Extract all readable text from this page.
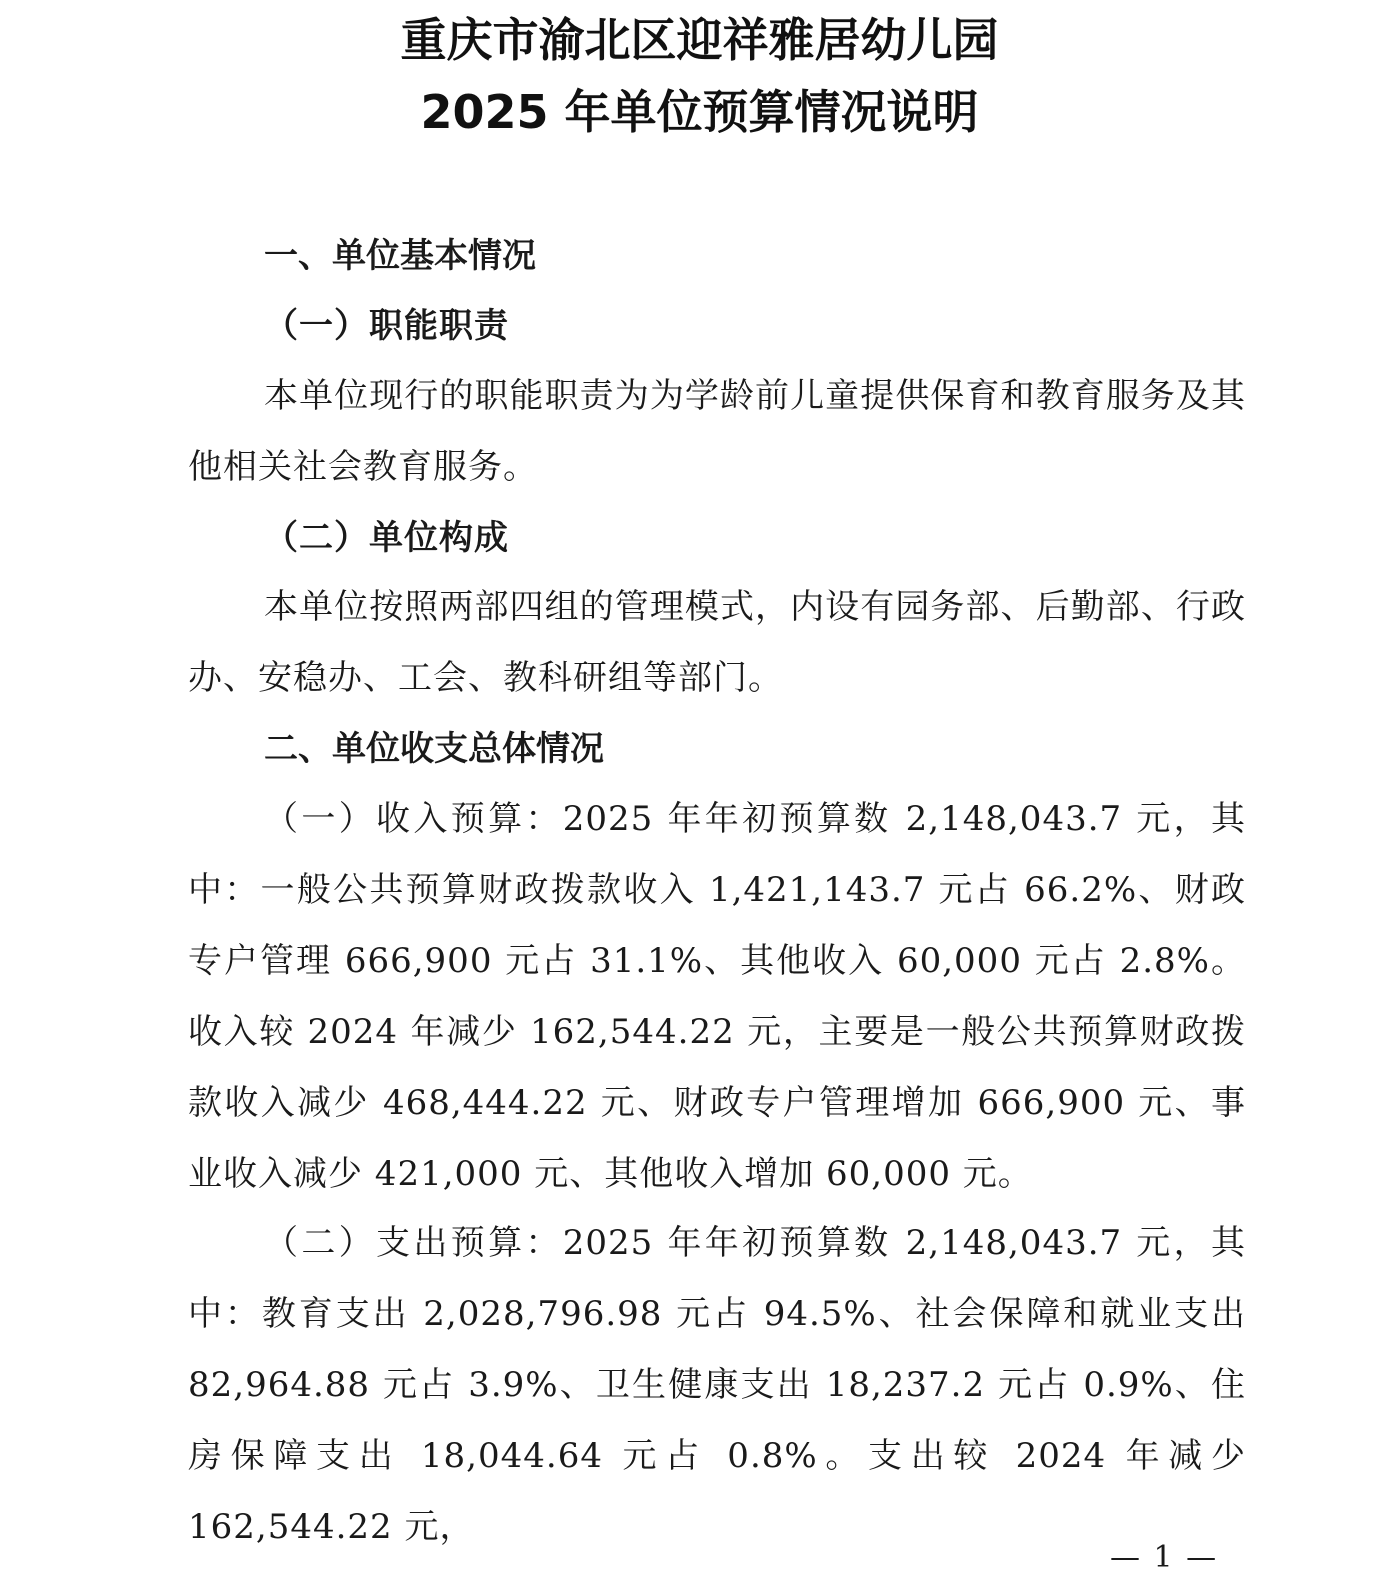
重庆市渝北区迎祥雅居幼儿园
2025 年单位预算情况说明
一、单位基本情况
（一）职能职责

本单位现行的职能职责为为学龄前儿童提供保育和教育服务及其他相关社会教育服务。

（二）单位构成

本单位按照两部四组的管理模式，内设有园务部、后勤部、行政办、安稳办、工会、教科研组等部门。

二、单位收支总体情况

（一）收入预算：2025 年年初预算数 2,148,043.7 元，其中：一般公共预算财政拨款收入 1,421,143.7 元占 66.2%、财政专户管理 666,900 元占 31.1%、其他收入 60,000 元占 2.8%。收入较 2024 年减少 162,544.22 元，主要是一般公共预算财政拨款收入减少 468,444.22 元、财政专户管理增加 666,900 元、事业收入减少 421,000 元、其他收入增加 60,000 元。

（二）支出预算：2025 年年初预算数 2,148,043.7 元，其中：教育支出 2,028,796.98 元占 94.5%、社会保障和就业支出 82,964.88 元占 3.9%、卫生健康支出 18,237.2 元占 0.9%、住房保障支出 18,044.64 元占 0.8%。支出较 2024 年减少 162,544.22 元，

— 1 —
